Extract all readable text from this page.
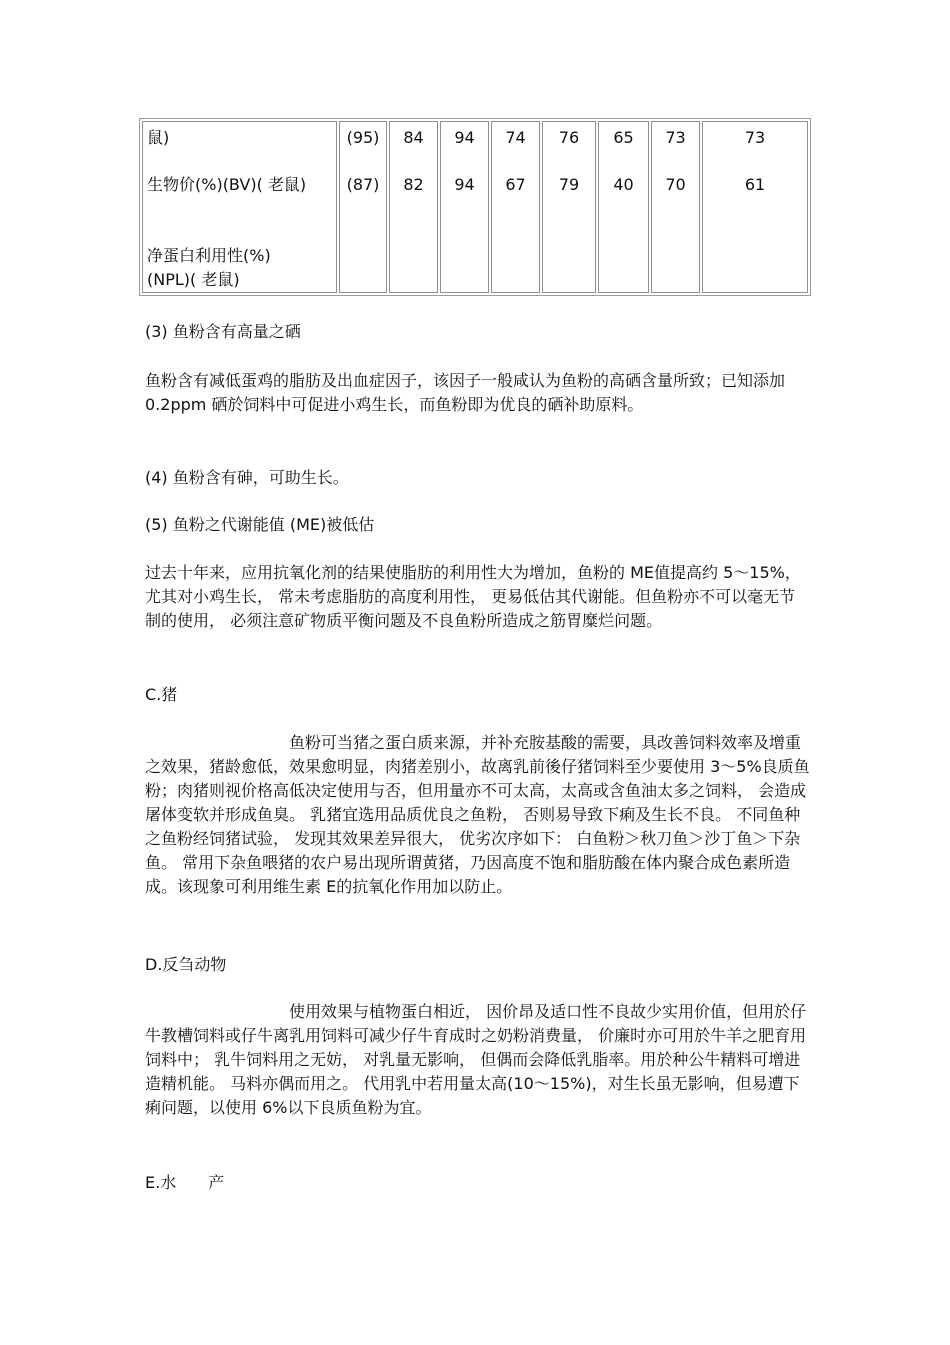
鼠)
生物价(%)(BV)( 老鼠)
净蛋白利用性(%)(NPL)( 老鼠)
(95)
(87)
84
82
94
94
74
67
76
79
65
40
73
70
73
61

(3) 鱼粉含有高量之硒

鱼粉含有减低蛋鸡的脂肪及出血症因子，该因子一般咸认为鱼粉的高硒含量所致；已知添加 0.2ppm 硒於饲料中可促进小鸡生长，而鱼粉即为优良的硒补助原料。

(4) 鱼粉含有砷，可助生长。

(5) 鱼粉之代谢能值 (ME)被低估

过去十年来，应用抗氧化剂的结果使脂肪的利用性大为增加，鱼粉的 ME值提高约 5～15%，尤其对小鸡生长， 常未考虑脂肪的高度利用性， 更易低估其代谢能。但鱼粉亦不可以毫无节制的使用， 必须注意矿物质平衡问题及不良鱼粉所造成之筋胃糜烂问题。

C.猪

鱼粉可当猪之蛋白质来源，并补充胺基酸的需要，具改善饲料效率及增重之效果，猪龄愈低，效果愈明显，肉猪差别小，故离乳前後仔猪饲料至少要使用 3～5%良质鱼粉；肉猪则视价格高低决定使用与否，但用量亦不可太高，太高或含鱼油太多之饲料， 会造成屠体变软并形成鱼臭。 乳猪宜选用品质优良之鱼粉， 否则易导致下痢及生长不良。 不同鱼种之鱼粉经饲猪试验， 发现其效果差异很大， 优劣次序如下： 白鱼粉＞秋刀鱼＞沙丁鱼＞下杂鱼。 常用下杂鱼喂猪的农户易出现所谓黄猪，乃因高度不饱和脂肪酸在体内聚合成色素所造成。该现象可利用维生素 E的抗氧化作用加以防止。

D.反刍动物

使用效果与植物蛋白相近， 因价昂及适口性不良故少实用价值，但用於仔牛教槽饲料或仔牛离乳用饲料可减少仔牛育成时之奶粉消费量， 价廉时亦可用於牛羊之肥育用饲料中； 乳牛饲料用之无妨， 对乳量无影响， 但偶而会降低乳脂率。用於种公牛精料可增进造精机能。 马料亦偶而用之。 代用乳中若用量太高(10～15%)，对生长虽无影响，但易遭下痢问题，以使用 6%以下良质鱼粉为宜。

E.水　　产
